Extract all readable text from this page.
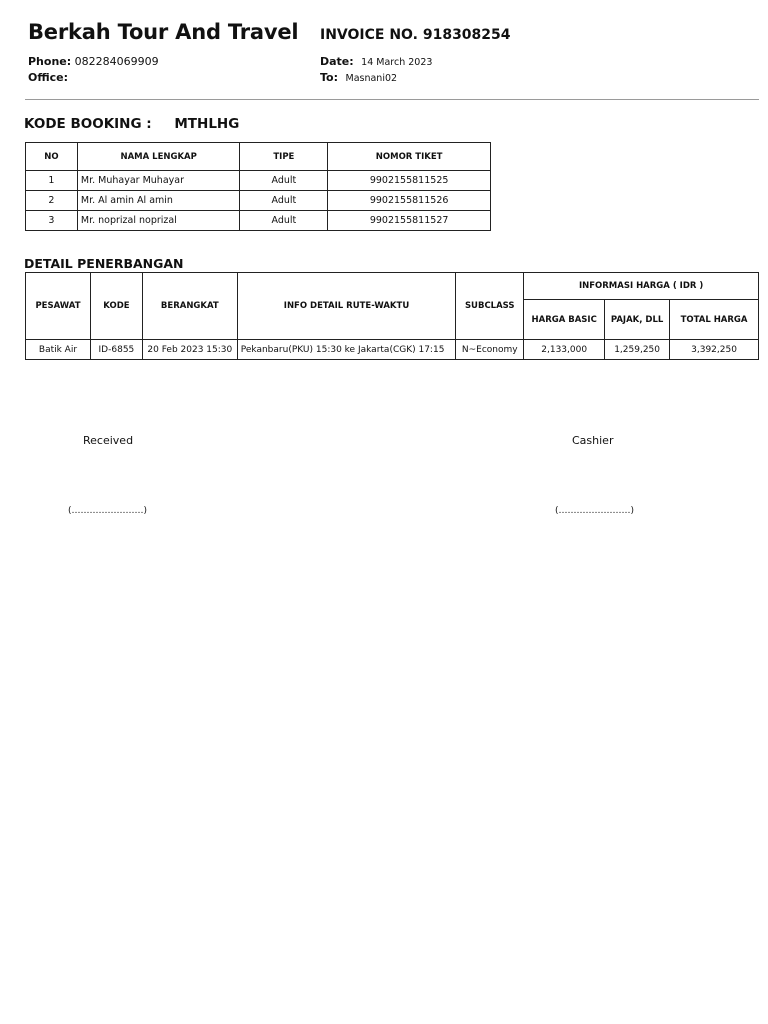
Berkah Tour And Travel INVOICE NO. 918308254
Phone: 082284069909
Office:
Date: 14 March 2023
To: Masnani02
KODE BOOKING : MTHLHG
NO	NAMA LENGKAP	TIPE	NOMOR TIKET
1	Mr. Muhayar Muhayar	Adult	9902155811525
2	Mr. Al amin Al amin	Adult	9902155811526
3	Mr. noprizal noprizal	Adult	9902155811527
DETAIL PENERBANGAN
PESAWAT	KODE	BERANGKAT	INFO DETAIL RUTE-WAKTU	SUBCLASS	INFORMASI HARGA ( IDR )		
					HARGA BASIC	PAJAK, DLL	TOTAL HARGA
Batik Air	ID-6855	20 Feb 2023 15:30	Pekanbaru(PKU) 15:30 ke Jakarta(CGK) 17:15	N~Economy	2,133,000	1,259,250	3,392,250
Received	Cashier
(……………………)	(……………………)
